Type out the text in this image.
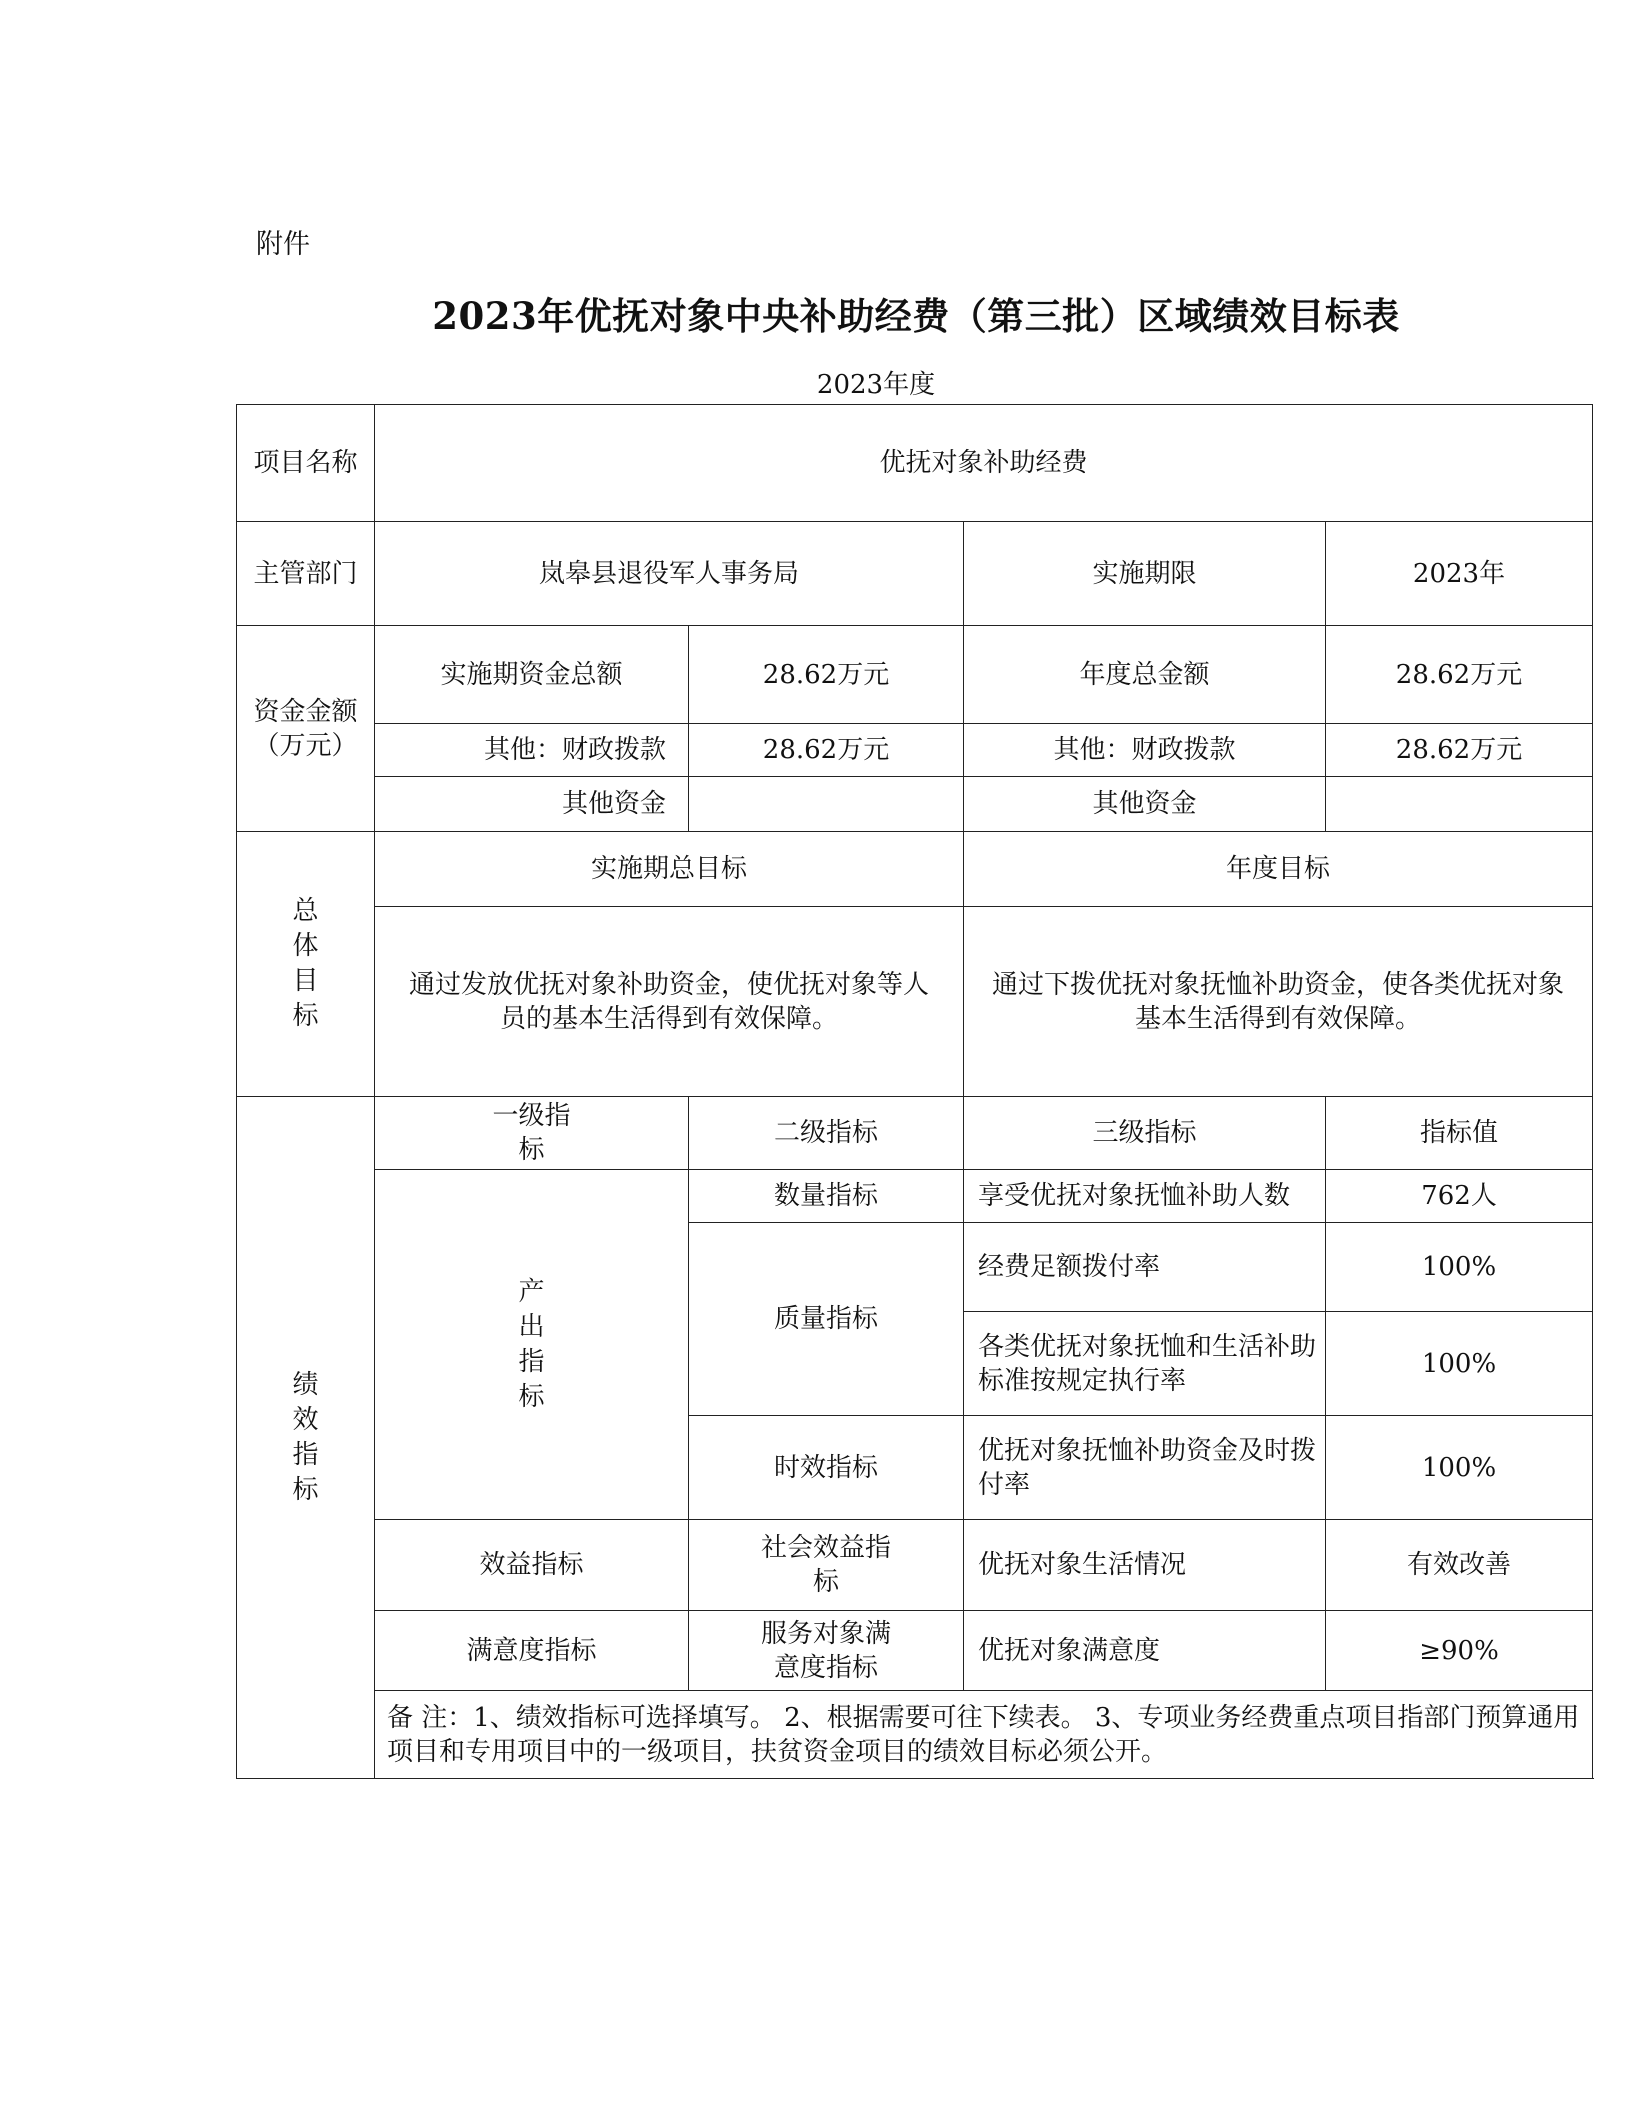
附件
2023年优抚对象中央补助经费（第三批）区域绩效目标表
2023年度
项目名称	优抚对象补助经费			
主管部门	岚皋县退役军人事务局		实施期限	2023年
资金金额（万元）	实施期资金总额	28.62万元	年度总金额	28.62万元
	其他：财政拨款	28.62万元	其他：财政拨款	28.62万元
	其他资金		其他资金	
总体目标	实施期总目标		年度目标	
	通过发放优抚对象补助资金，使优抚对象等人员的基本生活得到有效保障。		通过下拨优抚对象抚恤补助资金，使各类优抚对象基本生活得到有效保障。	
绩效指标	一级指标	二级指标	三级指标	指标值
	产出指标	数量指标	享受优抚对象抚恤补助人数	762人
		质量指标	经费足额拨付率	100%
			各类优抚对象抚恤和生活补助标准按规定执行率	100%
		时效指标	优抚对象抚恤补助资金及时拨付率	100%
	效益指标	社会效益指标	优抚对象生活情况	有效改善
	满意度指标	服务对象满意度指标	优抚对象满意度	≥90%
	备 注：1、绩效指标可选择填写。 2、根据需要可往下续表。 3、专项业务经费重点项目指部门预算通用项目和专用项目中的一级项目，扶贫资金项目的绩效目标必须公开。			
